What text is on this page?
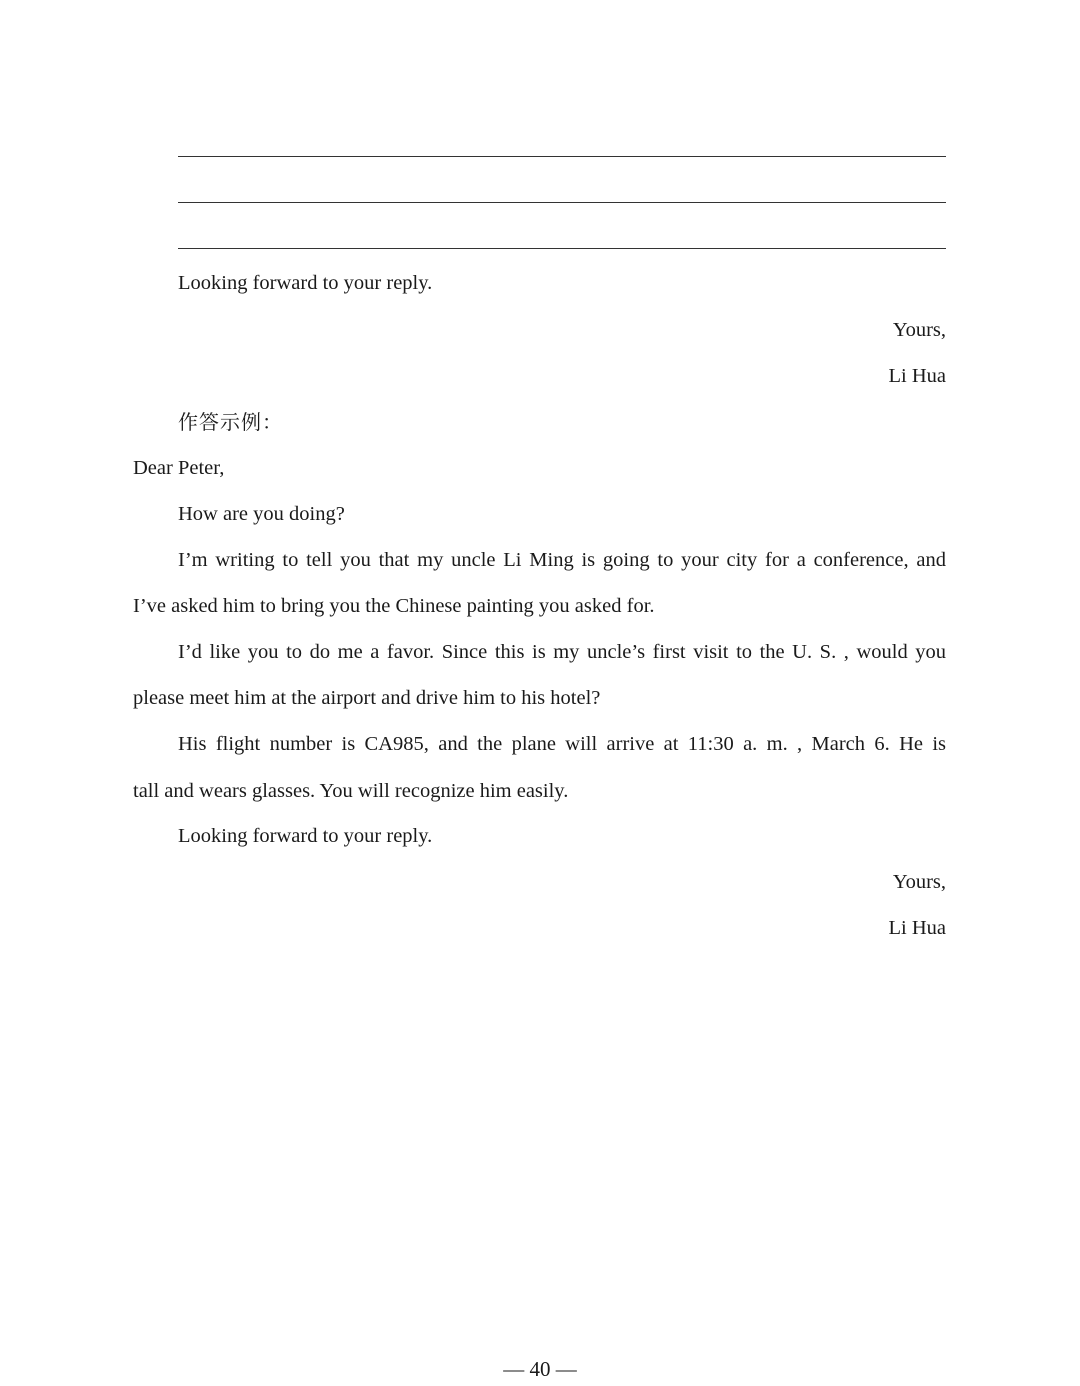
Looking forward to your reply.
Yours,
Li Hua
作答示例：
Dear Peter,
How are you doing?
I’m writing to tell you that my uncle Li Ming is going to your city for a conference, and
I’ve asked him to bring you the Chinese painting you asked for.
I’d like you to do me a favor. Since this is my uncle’s first visit to the U. S. , would you
please meet him at the airport and drive him to his hotel?
His flight number is CA985, and the plane will arrive at 11:30 a. m. , March 6. He is
tall and wears glasses. You will recognize him easily.
Looking forward to your reply.
Yours,
Li Hua
— 40 —
